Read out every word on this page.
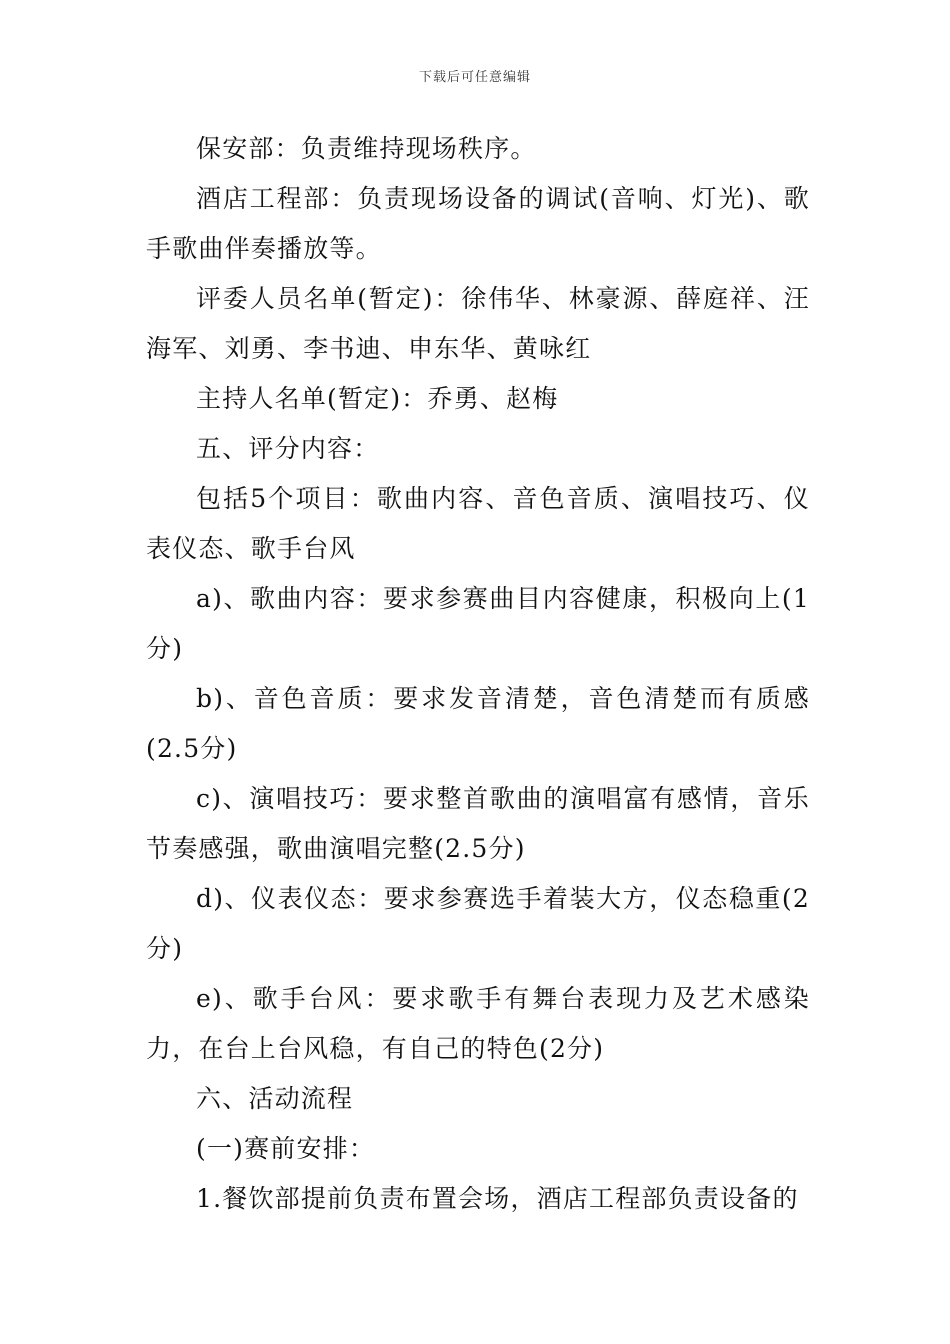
下载后可任意编辑

保安部：负责维持现场秩序。

酒店工程部：负责现场设备的调试(音响、灯光)、歌手歌曲伴奏播放等。

评委人员名单(暂定)：徐伟华、林豪源、薛庭祥、汪海军、刘勇、李书迪、申东华、黄咏红

主持人名单(暂定)：乔勇、赵梅

五、评分内容：

包括5个项目：歌曲内容、音色音质、演唱技巧、仪表仪态、歌手台风

a)、歌曲内容：要求参赛曲目内容健康，积极向上(1分)

b)、音色音质：要求发音清楚，音色清楚而有质感(2.5分)

c)、演唱技巧：要求整首歌曲的演唱富有感情，音乐节奏感强，歌曲演唱完整(2.5分)

d)、仪表仪态：要求参赛选手着装大方，仪态稳重(2分)

e)、歌手台风：要求歌手有舞台表现力及艺术感染力，在台上台风稳，有自己的特色(2分)

六、活动流程

(一)赛前安排：

1.餐饮部提前负责布置会场，酒店工程部负责设备的
